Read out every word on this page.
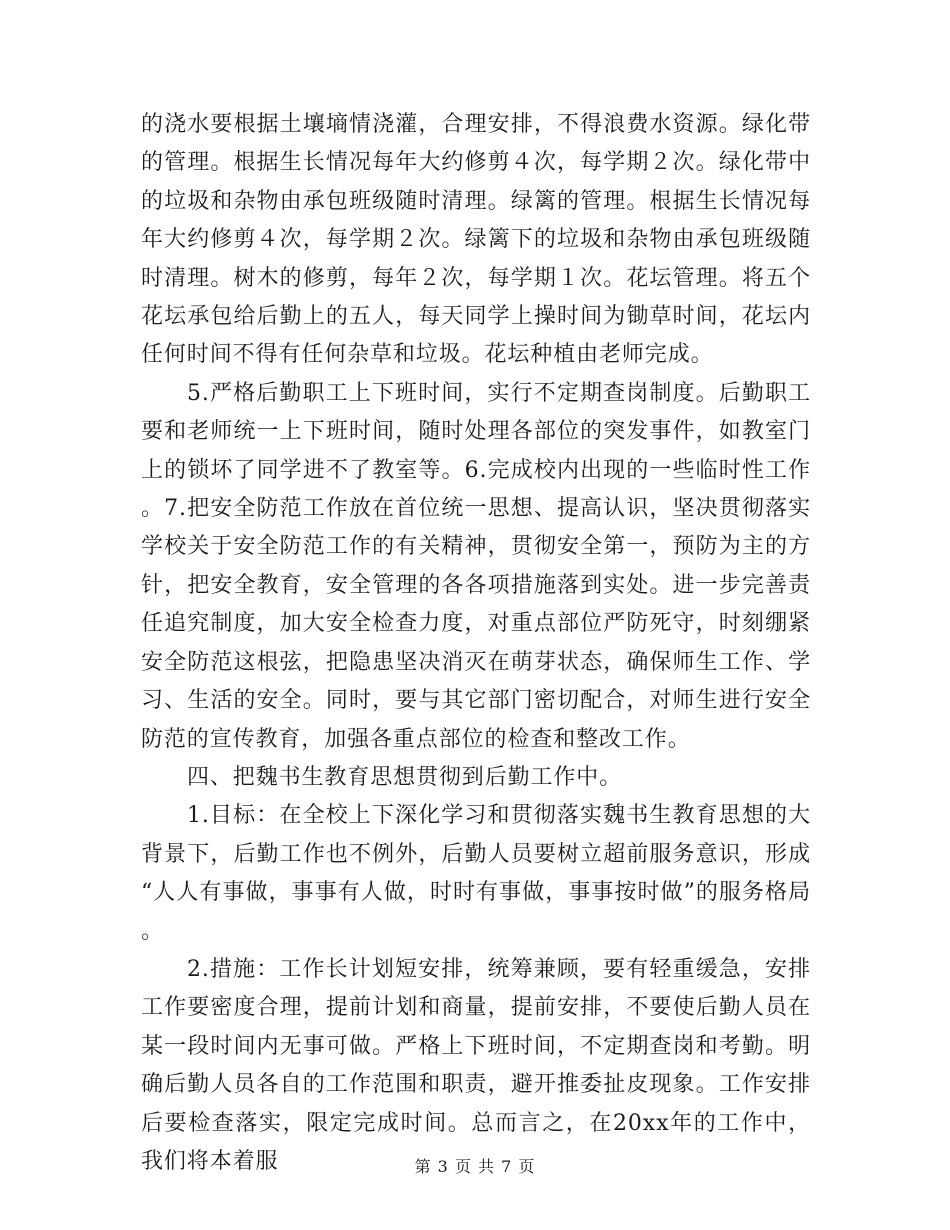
的浇水要根据土壤墒情浇灌，合理安排，不得浪费水资源。绿化带的管理。根据生长情况每年大约修剪４次，每学期２次。绿化带中的垃圾和杂物由承包班级随时清理。绿篱的管理。根据生长情况每年大约修剪４次，每学期２次。绿篱下的垃圾和杂物由承包班级随时清理。树木的修剪，每年２次，每学期１次。花坛管理。将五个花坛承包给后勤上的五人，每天同学上操时间为锄草时间，花坛内任何时间不得有任何杂草和垃圾。花坛种植由老师完成。

5.严格后勤职工上下班时间，实行不定期查岗制度。后勤职工要和老师统一上下班时间，随时处理各部位的突发事件，如教室门上的锁坏了同学进不了教室等。6.完成校内出现的一些临时性工作。7.把安全防范工作放在首位统一思想、提高认识，坚决贯彻落实学校关于安全防范工作的有关精神，贯彻安全第一，预防为主的方针，把安全教育，安全管理的各各项措施落到实处。进一步完善责任追究制度，加大安全检查力度，对重点部位严防死守，时刻绷紧安全防范这根弦，把隐患坚决消灭在萌芽状态，确保师生工作、学习、生活的安全。同时，要与其它部门密切配合，对师生进行安全防范的宣传教育，加强各重点部位的检查和整改工作。

四、把魏书生教育思想贯彻到后勤工作中。

1.目标：在全校上下深化学习和贯彻落实魏书生教育思想的大背景下，后勤工作也不例外，后勤人员要树立超前服务意识，形成“人人有事做，事事有人做，时时有事做，事事按时做”的服务格局。

2.措施：工作长计划短安排，统筹兼顾，要有轻重缓急，安排工作要密度合理，提前计划和商量，提前安排，不要使后勤人员在某一段时间内无事可做。严格上下班时间，不定期查岗和考勤。明确后勤人员各自的工作范围和职责，避开推委扯皮现象。工作安排后要检查落实，限定完成时间。总而言之，在20xx年的工作中，我们将本着服	第 3 页 共 7 页
